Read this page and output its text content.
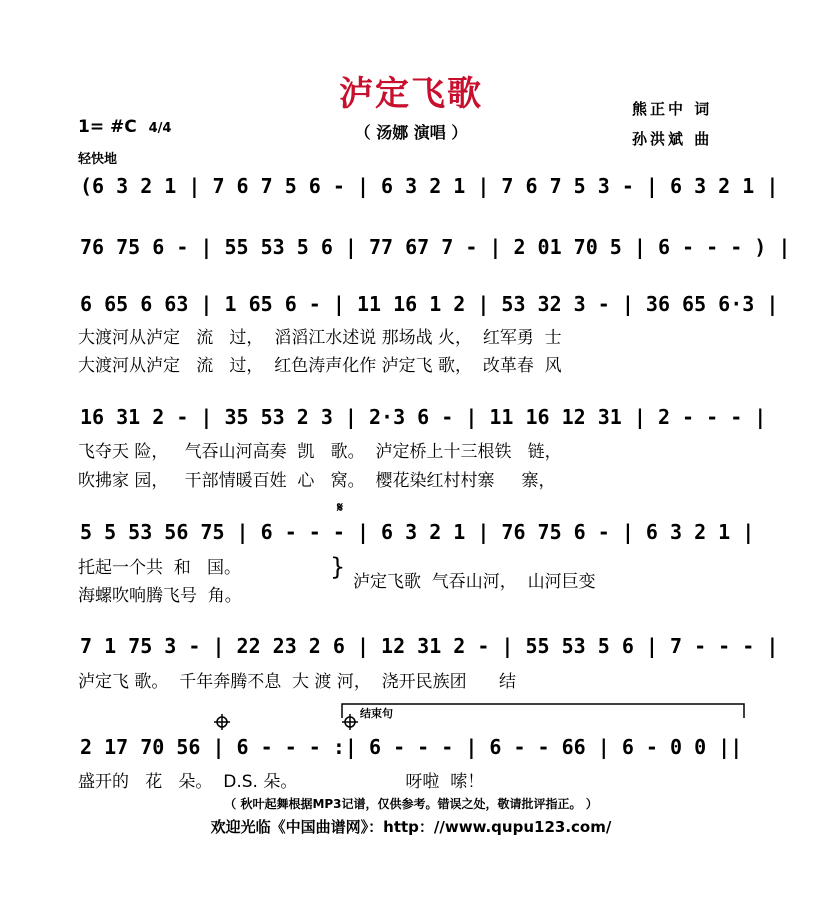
泸定飞歌
（ 汤娜 演唱 ）
熊正中 词
孙洪斌 曲
1= #C 4/4
轻快地
(6 3 2 1 | 7 6 7 5 6 - | 6 3 2 1 | 7 6 7 5 3 - | 6 3 2 1 |
76 75 6 - | 55 53 5 6 | 77 67 7 - | 2 01 70 5 | 6 - - - ) |
6 65 6 63 | 1 65 6 - | 11 16 1 2 | 53 32 3 - | 36 65 6·3 |
大渡河从泸定   流   过，  滔滔江水述说 那场战 火，  红军勇  士
大渡河从泸定   流   过，  红色涛声化作 泸定飞 歌，  改革春  风
16 31 2 - | 35 53 2 3 | 2·3 6 - | 11 16 12 31 | 2 - - - |
飞夺天 险，   气吞山河高奏  凯   歌。  泸定桥上十三根铁   链，
吹拂家 园，   干部情暖百姓  心   窝。  樱花染红村村寨     寨，
5 5 53 56 75 | 6 - - - | 6 3 2 1 | 76 75 6 - | 6 3 2 1 |
托起一个共  和   国。
海螺吹响腾飞号  角。
}
泸定飞歌  气吞山河，  山河巨变
7 1 75 3 - | 22 23 2 6 | 12 31 2 - | 55 53 5 6 | 7 - - - |
泸定飞 歌。  千年奔腾不息  大 渡 河，  浇开民族团      结
结束句
2 17 70 56 | 6 - - - :| 6 - - - | 6 - - 66 | 6 - 0 0 ||
盛开的   花   朵。  D.S. 朵。                    呀啦  嗦！
𝄋
（ 秋叶起舞根据MP3记谱，仅供参考。错误之处，敬请批评指正。 ）
欢迎光临《中国曲谱网》：http：//www.qupu123.com/
